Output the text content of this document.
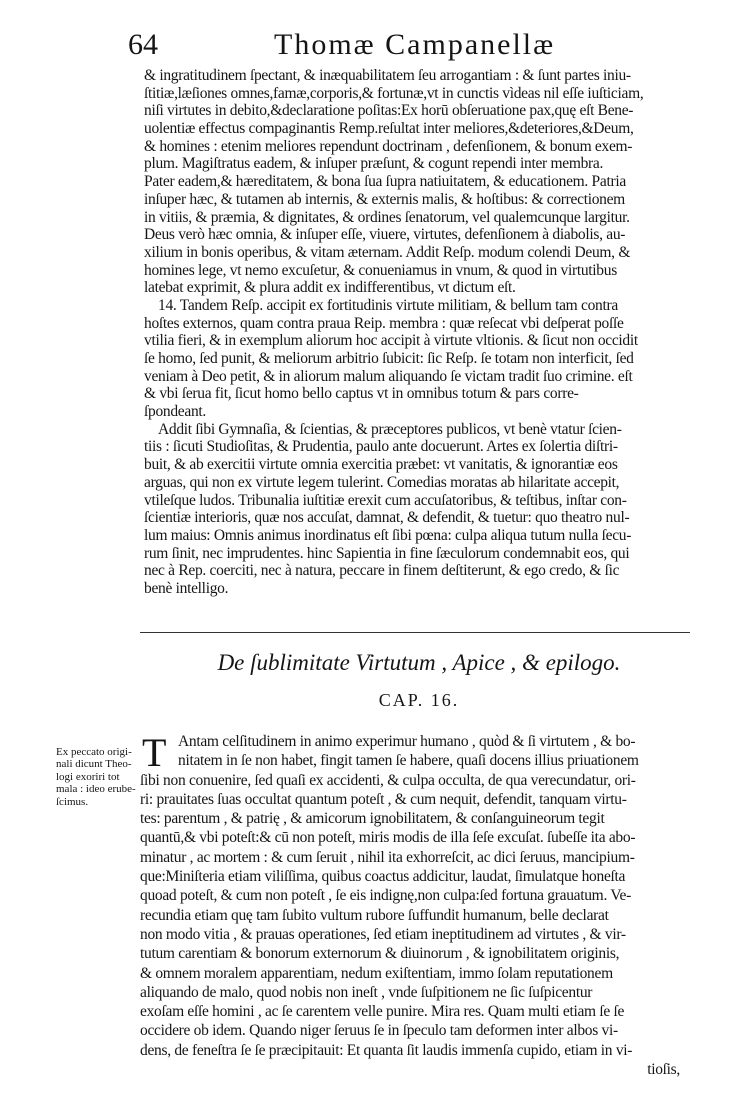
64	Thomæ Campanellæ
& ingratitudinem ſpectant, & inæquabilitatem ſeu arrogantiam : & ſunt partes iniu-
ſtitiæ,læſiones omnes,famæ,corporis,& fortunæ,vt in cunctis vìdeas nil eſſe iuſticiam,
niſi virtutes in debito,&declaratione poſitas:Ex horū obſeruatione pax,quę eſt Bene-
uolentiæ effectus compaginantis Remp.reſultat inter meliores,&deteriores,&Deum,
& homines : etenim meliores rependunt doctrinam , defenſionem, & bonum exem-
plum. Magiſtratus eadem, & inſuper præſunt, & cogunt rependi inter membra.
Pater eadem,& hæreditatem, & bona ſua ſupra natiuitatem, & educationem. Patria
inſuper hæc, & tutamen ab internis, & externis malis, & hoſtibus: & correctionem
in vitiis, & præmia, & dignitates, & ordines ſenatorum, vel qualemcunque largitur.
Deus verò hæc omnia, & inſuper eſſe, viuere, virtutes, defenſionem à diabolis, au-
xilium in bonis operibus, & vitam æternam. Addit Reſp. modum colendi Deum, &
homines lege, vt nemo excuſetur, & conueniamus in vnum, & quod in virtutibus
latebat exprimit, & plura addit ex indifferentibus, vt dictum eſt.
14. Tandem Reſp. accipit ex fortitudinis virtute militiam, & bellum tam contra
hoſtes externos, quam contra praua Reip. membra : quæ reſecat vbi deſperat poſſe
vtilia fieri, & in exemplum aliorum hoc accipit à virtute vltionis. & ſicut non occidit
ſe homo, ſed punit, & meliorum arbitrio ſubicit: ſic Reſp. ſe totam non interficit, ſed
veniam à Deo petit, & in aliorum malum aliquando ſe victam tradit ſuo crimine. eſt
& vbi ſerua fit, ſicut homo bello captus vt in omnibus totum & pars corre-
ſpondeant.
Addit ſibi Gymnaſia, & ſcientias, & præceptores publicos, vt benè vtatur ſcien-
tiis : ſicuti Studioſitas, & Prudentia, paulo ante docuerunt. Artes ex ſolertia diſtri-
buit, & ab exercitii virtute omnia exercitia præbet: vt vanitatis, & ignorantiæ eos
arguas, qui non ex virtute legem tulerint. Comedias moratas ab hilaritate accepit,
vtileſque ludos. Tribunalia iuſtitiæ erexit cum accuſatoribus, & teſtibus, inſtar con-
ſcientiæ interioris, quæ nos accuſat, damnat, & defendit, & tuetur: quo theatro nul-
lum maius: Omnis animus inordinatus eſt ſibi pœna: culpa aliqua tutum nulla ſecu-
rum ſinit, nec imprudentes. hinc Sapientia in fine ſæculorum condemnabit eos, qui
nec à Rep. coerciti, nec à natura, peccare in finem deſtiterunt, & ego credo, & ſic
benè intelligo.
De ſublimitate Virtutum , Apice , & epilogo.
CAP. 16.
Ex peccato origi-
nali dicunt Theo-
logi exoriri tot
mala : ideo erube-
ſcimus.
T Antam celſitudinem in animo experimur humano , quòd & ſi virtutem , & bo-
nitatem in ſe non habet, fingit tamen ſe habere, quaſi docens illius priuationem
ſibi non conuenire, ſed quaſi ex accidenti, & culpa occulta, de qua verecundatur, ori-
ri: prauitates ſuas occultat quantum poteſt , & cum nequit, defendit, tanquam virtu-
tes: parentum , & patrię , & amicorum ignobilitatem, & conſanguineorum tegit
quantū,& vbi poteſt:& cū non poteſt, miris modis de illa ſeſe excuſat. ſubeſſe ita abo-
minatur , ac mortem : & cum ſeruit , nihil ita exhorreſcit, ac dici ſeruus, mancipium-
que:Miniſteria etiam viliſſima, quibus coactus addicitur, laudat, ſimulatque honeſta
quoad poteſt, & cum non poteſt , ſe eis indignę,non culpa:ſed fortuna grauatum. Ve-
recundia etiam quę tam ſubito vultum rubore ſuffundit humanum, belle declarat
non modo vitia , & prauas operationes, ſed etiam ineptitudinem ad virtutes , & vir-
tutum carentiam & bonorum externorum & diuinorum , & ignobilitatem originis,
& omnem moralem apparentiam, nedum exiſtentiam, immo ſolam reputationem
aliquando de malo, quod nobis non ineſt , vnde ſuſpitionem ne ſic ſuſpicentur
exoſam eſſe homini , ac ſe carentem velle punire. Mira res. Quam multi etiam ſe ſe
occidere ob idem. Quando niger ſeruus ſe in ſpeculo tam deformen inter albos vi-
dens, de feneſtra ſe ſe præcipitauit: Et quanta ſit laudis immenſa cupido, etiam in vi-
tioſis,
